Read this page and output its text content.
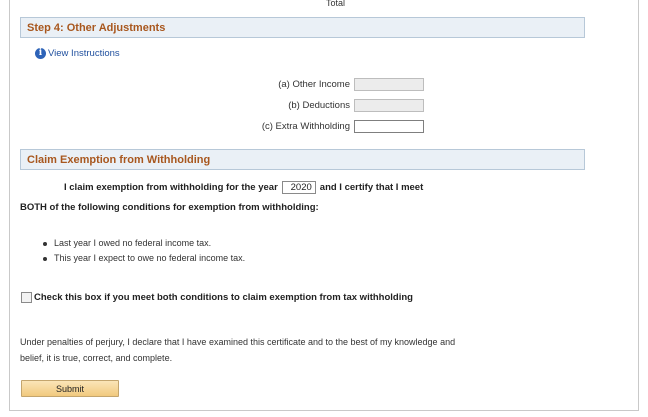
Total
Step 4: Other Adjustments
i View Instructions
(a) Other Income
(b) Deductions
(c) Extra Withholding
Claim Exemption from Withholding
I claim exemption from withholding for the year
2020	and I certify that I meet
BOTH of the following conditions for exemption from withholding:
Last year I owed no federal income tax.
This year I expect to owe no federal income tax.
Check this box if you meet both conditions to claim exemption from tax withholding
Under penalties of perjury, I declare that I have examined this certificate and to the best of my knowledge and belief, it is true, correct, and complete.
Submit
